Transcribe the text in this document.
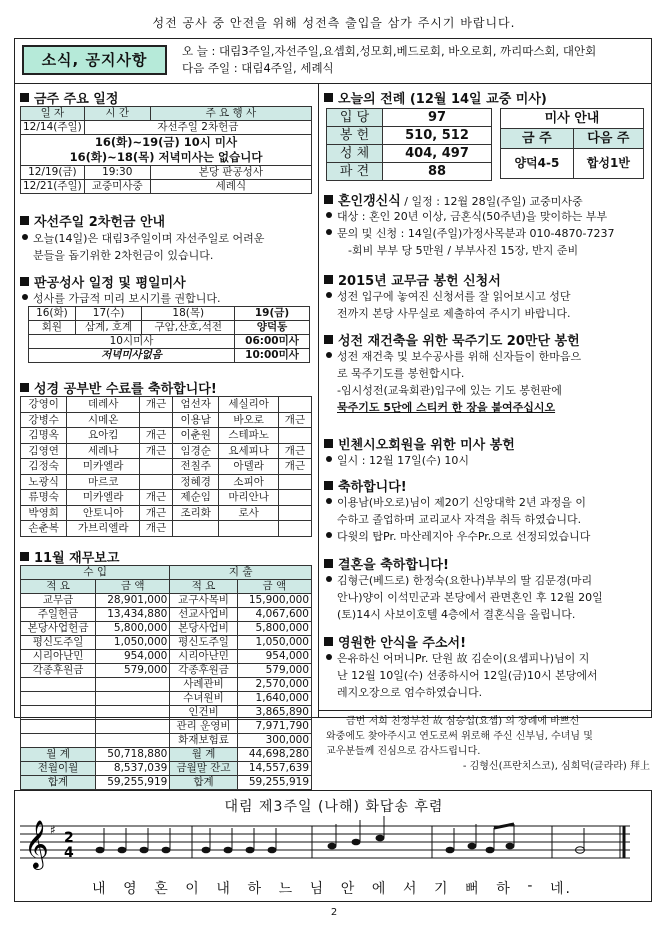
성전 공사 중 안전을 위해 성전측 출입을 삼가 주시기 바랍니다.
소식, 공지사항	오 늘 : 대림3주일,자선주일,요셉회,성모회,베드로회, 바오로회, 까리따스회, 대안회
다음 주일 : 대림4주일, 세례식
금주 주요 일정
일 자	시 간	주 요 행 사
12/14(주일)	자선주일 2차헌금	

16(화)~19(금) 10시 미사
16(화)~18(목) 저녁미사는 없습니다		

12/19(금)	19:30	본당 판공성사
12/21(주일)	교중미사중	세례식
자선주일 2차헌금 안내
오늘(14일)은 대림3주일이며 자선주일로 어려운
분들을 돕기위한 2차헌금이 있습니다.
판공성사 일정 및 평일미사
성사를 가급적 미리 보시기를 권합니다.
16(화)	17(수)	18(목)	19(금)
회원	삼계, 호계	구암,산호,석전	양덕동
10시미사			06:00미사
저녁미사없음			10:00미사
성경 공부반 수료를 축하합니다!
강영이	데레사	개근	엄선자	세실리아	
강병수	시메온		이용남	바오로	개근
김명옥	요아킴	개근	이춘원	스테파노	
김영연	세레나	개근	임경순	요세피나	개근
김정숙	미카엘라		전칠주	아델라	개근
노광식	마르코		정혜경	소피아	
류명숙	미카엘라	개근	제순임	마리안나	
박영희	안토니아	개근	조리화	로사	
손춘복	가브리엘라	개근			
11월 재무보고
수 입		지 출	
적 요	금 액	적 요	금 액
교무금	28,901,000	교구사목비	15,900,000
주일헌금	13,434,880	선교사업비	4,067,600
본당사업헌금	5,800,000	본당사업비	5,800,000
평신도주일	1,050,000	평신도주일	1,050,000
시리아난민	954,000	시리아난민	954,000
각종후원금	579,000	각종후원금	579,000
		사례관비	2,570,000
		수녀원비	1,640,000
		인건비	3,865,890
		관리 운영비	7,971,790
		화재보험료	300,000
월 계	50,718,880	월 계	44,698,280
전월이월	8,537,039	금월말 잔고	14,557,639
합계	59,255,919	합계	59,255,919
오늘의 전례 (12월 14일 교중 미사)
입 당	97
봉 헌	510, 512
성 체	404, 497
파 견	88
미사 안내	
금 주	다음 주
양덕4-5	합성1반
혼인갱신식 / 일정 : 12월 28일(주일) 교중미사중
대상 : 혼인 20년 이상, 금혼식(50주년)을 맞이하는 부부
문의 및 신청 : 14일(주일)가정사목분과 010-4870-7237
-회비 부부 당 5만원 / 부부사진 15장, 반지 준비
2015년 교무금 봉헌 신청서
성전 입구에 놓여진 신청서를 잘 읽어보시고 성단
전까지 본당 사무실로 제출하여 주시기 바랍니다.
성전 재건축을 위한 묵주기도 20만단 봉헌
성전 재건축 및 보수공사를 위해 신자들이 한마음으
로 묵주기도를 봉헌합시다.
-임시성전(교육회관)입구에 있는 기도 봉헌판에
묵주기도 5단에 스티커 한 장을 붙여주십시오
빈첸시오회원을 위한 미사 봉헌
일시 : 12월 17일(수) 10시
축하합니다!
이용남(바오로)님이 제20기 신앙대학 2년 과정을 이
수하고 졸업하며 교리교사 자격을 취득 하였습니다.
다윗의 탑Pr. 마산레지아 우수Pr.으로 선정되었습니다
결혼을 축하합니다!
김형근(베드로) 한정숙(요한나)부부의 딸 김문경(마리
안나)양이 이석민군과 본당에서 관면혼인 후 12월 20일
(토)14시 사보이호텔 4층에서 결혼식을 올립니다.
영원한 안식을 주소서!
은유하신 어머니Pr. 단원 故 김순이(요셉피나)님이 지
난 12월 10일(수) 선종하시어 12일(금)10시 본당에서
레지오장으로 엄수하였습니다.
금번 저희 친정부친 故 심승섭(요셉) 의 장례에 바쁘신
와중에도 찾아주시고 연도로써 위로해 주신 신부님, 수녀님 및
교우분들께 진심으로 감사드립니다.
- 김형신(프란치스코), 심희덕(글라라) 拜上
대림 제3주일 (나해) 화답송 후렴
𝄞 ♯ 2
4
내 영 혼 이 내 하 느 님 안 에 서 기 뻐 하 - 네.
2
